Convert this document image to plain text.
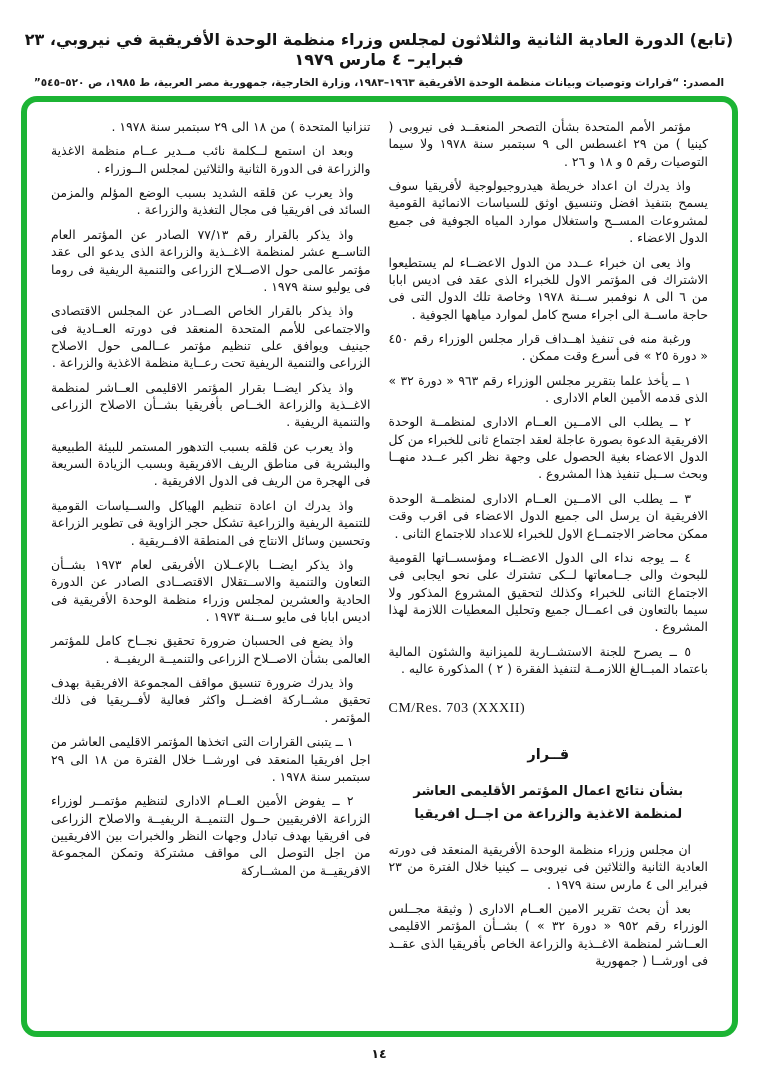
(تابع) الدورة العادية الثانية والثلاثون لمجلس وزراء منظمة الوحدة الأفريقية في نيروبي، ٢٣ فبراير– ٤ مارس ١٩٧٩

المصدر: “قرارات وتوصيات وبيانات منظمة الوحدة الأفريقية ١٩٦٣–١٩٨٣، وزارة الخارجية، جمهورية مصر العربية، ط ١٩٨٥، ص ٥٢٠–٥٤٥”

مؤتمر الأمم المتحدة بشأن التصحر المنعقــد فى نيروبى ( كينيا ) من ٢٩ اغسطس الى ٩ سبتمبر سنة ١٩٧٨ ولا سيما التوصيات رقم ٥ و ١٨ و ٢٦ .

واذ يدرك ان اعداد خريطة هيدروجيولوجية لأفريقيا سوف يسمح بتنفيذ افضل وتنسيق اوثق للسياسات الانمائية القومية لمشروعات المســح واستغلال موارد المياه الجوفية فى جميع الدول الاعضاء .

واذ يعى ان خبراء عــدد من الدول الاعضــاء لم يستطيعوا الاشتراك فى المؤتمر الاول للخبراء الذى عقد فى اديس ابابا من ٦ الى ٨ نوفمبر ســنة ١٩٧٨ وخاصة تلك الدول التى فى حاجة ماســة الى اجراء مسح كامل لموارد مياهها الجوفية .

ورغبة منه فى تنفيذ اهــداف قرار مجلس الوزراء رقم ٤٥٠ « دورة ٢٥ » فى أسرع وقت ممكن .

١ ــ يأخذ علما بتقرير مجلس الوزراء رقم ٩٦٣ « دورة ٣٢ » الذى قدمه الأمين العام الادارى .

٢ ــ يطلب الى الامــين العــام الادارى لمنظمــة الوحدة الافريقية الدعوة بصورة عاجلة لعقد اجتماع ثانى للخبراء من كل الدول الاعضاء بغية الحصول على وجهة نظر اكبر عــدد منهــا وبحث ســبل تنفيذ هذا المشروع .

٣ ــ يطلب الى الامــين العــام الادارى لمنظمــة الوحدة الافريقية ان يرسل الى جميع الدول الاعضاء فى اقرب وقت ممكن محاضر الاجتمــاع الاول للخبراء للاعداد للاجتماع الثانى .

٤ ــ يوجه نداء الى الدول الاعضــاء ومؤسســاتها القومية للبحوث والى جــامعاتها لــكى تشترك على نحو ايجابى فى الاجتماع الثانى للخبراء وكذلك لتحقيق المشروع المذكور ولا سيما بالتعاون فى اعمــال جميع وتحليل المعطيات اللازمة لهذا المشروع .

٥ ــ يصرح للجنة الاستشــارية للميزانية والشئون المالية باعتماد المبــالغ اللازمــة لتنفيذ الفقرة ( ٢ ) المذكورة عاليه .

CM/Res. 703 (XXXII)

قــرار

بشأن نتائج اعمال المؤتمر الأقليمى العاشر
لمنظمة الاغذية والزراعة من اجــل افريقيا

ان مجلس وزراء منظمة الوحدة الأفريقية المنعقد فى دورته العادية الثانية والثلاثين فى نيروبى ــ كينيا خلال الفترة من ٢٣ فبراير الى ٤ مارس سنة ١٩٧٩ .

بعد أن بحث تقرير الامين العــام الادارى ( وثيقة مجــلس الوزراء رقم ٩٥٢ « دورة ٣٢ » ) بشــأن المؤتمر الاقليمى العــاشر لمنظمة الاغــذية والزراعة الخاص بأفريقيا الذى عقــد فى اورشــا ( جمهورية

تنزانيا المتحدة ) من ١٨ الى ٢٩ سبتمبر سنة ١٩٧٨ .

وبعد ان استمع لــكلمة نائب مــدير عــام منظمة الاغذية والزراعة فى الدورة الثانية والثلاثين لمجلس الــوزراء .

واذ يعرب عن قلقه الشديد بسبب الوضع المؤلم والمزمن السائد فى افريقيا فى مجال التغذية والزراعة .

واذ يذكر بالقرار رقم ٧٧/١٣ الصادر عن المؤتمر العام التاســع عشر لمنظمة الاغــذية والزراعة الذى يدعو الى عقد مؤتمر عالمى حول الاصــلاح الزراعى والتنمية الريفية فى روما فى يوليو سنة ١٩٧٩ .

واذ يذكر بالقرار الخاص الصــادر عن المجلس الاقتصادى والاجتماعى للأمم المتحدة المنعقد فى دورته العــادية فى جينيف ويوافق على تنظيم مؤتمر عــالمى حول الاصلاح الزراعى والتنمية الريفية تحت رعــاية منظمة الاغذية والزراعة .

واذ يذكر ايضــا بقرار المؤتمر الاقليمى العــاشر لمنظمة الاغــذية والزراعة الخــاص بأفريقيا بشــأن الاصلاح الزراعى والتنمية الريفية .

واذ يعرب عن قلقه بسبب التدهور المستمر للبيئة الطبيعية والبشرية فى مناطق الريف الافريقية وبسبب الزيادة السريعة فى الهجرة من الريف فى الدول الافريقية .

واذ يدرك ان اعادة تنظيم الهياكل والســياسات القومية للتنمية الريفية والزراعية تشكل حجر الزاوية فى تطوير الزراعة وتحسين وسائل الانتاج فى المنطقة الافــريقية .

واذ يذكر ايضــا بالإعــلان الأفريقى لعام ١٩٧٣ بشــأن التعاون والتنمية والاســتقلال الاقتصــادى الصادر عن الدورة الحادية والعشرين لمجلس وزراء منظمة الوحدة الأفريقية فى اديس ابابا فى مايو ســنة ١٩٧٣ .

واذ يضع فى الحسبان ضرورة تحقيق نجــاح كامل للمؤتمر العالمى بشأن الاصــلاح الزراعى والتنميــة الريفيــة .

واذ يدرك ضرورة تنسيق مواقف المجموعة الافريقية بهدف تحقيق مشــاركة افضــل واكثر فعالية لأفــريقيا فى ذلك المؤتمر .

١ ــ يتبنى القرارات التى اتخذها المؤتمر الاقليمى العاشر من اجل افريقيا المنعقد فى اورشــا خلال الفترة من ١٨ الى ٢٩ سبتمبر سنة ١٩٧٨ .

٢ ــ يفوض الأمين العــام الادارى لتنظيم مؤتمــر لوزراء الزراعة الافريقيين حــول التنميــة الريفيــة والاصلاح الزراعى فى افريقيا بهدف تبادل وجهات النظر والخبرات بين الافريقيين من اجل التوصل الى مواقف مشتركة وتمكن المجموعة الافريقيــة من المشــاركة

١٤
